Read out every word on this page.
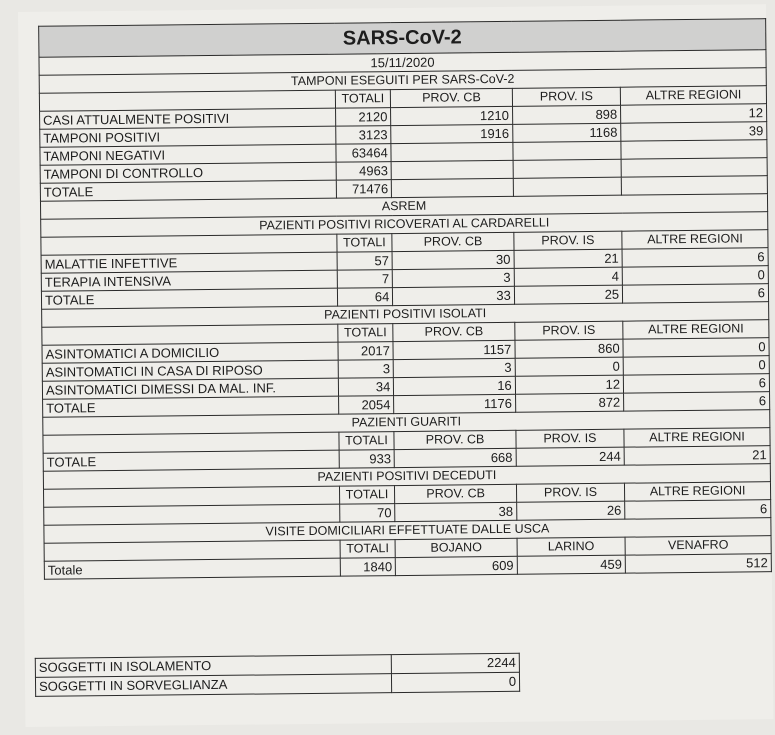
SARS-CoV-2				
15/11/2020				
TAMPONI ESEGUITI PER SARS-CoV-2				
	TOTALI	PROV. CB	PROV. IS	ALTRE REGIONI
CASI ATTUALMENTE POSITIVI	2120	1210	898	12
TAMPONI POSITIVI	3123	1916	1168	39
TAMPONI NEGATIVI	63464			
TAMPONI DI CONTROLLO	4963			
TOTALE	71476			
ASREM				
PAZIENTI POSITIVI RICOVERATI AL CARDARELLI				
	TOTALI	PROV. CB	PROV. IS	ALTRE REGIONI
MALATTIE INFETTIVE	57	30	21	6
TERAPIA INTENSIVA	7	3	4	0
TOTALE	64	33	25	6
PAZIENTI POSITIVI ISOLATI				
	TOTALI	PROV. CB	PROV. IS	ALTRE REGIONI
ASINTOMATICI A DOMICILIO	2017	1157	860	0
ASINTOMATICI IN CASA DI RIPOSO	3	3	0	0
ASINTOMATICI DIMESSI DA MAL. INF.	34	16	12	6
TOTALE	2054	1176	872	6
PAZIENTI GUARITI				
	TOTALI	PROV. CB	PROV. IS	ALTRE REGIONI
TOTALE	933	668	244	21
PAZIENTI POSITIVI DECEDUTI				
	TOTALI	PROV. CB	PROV. IS	ALTRE REGIONI
	70	38	26	6
VISITE DOMICILIARI EFFETTUATE DALLE USCA				
	TOTALI	BOJANO	LARINO	VENAFRO
Totale	1840	609	459	512
SOGGETTI IN ISOLAMENTO	2244
SOGGETTI IN SORVEGLIANZA	0
